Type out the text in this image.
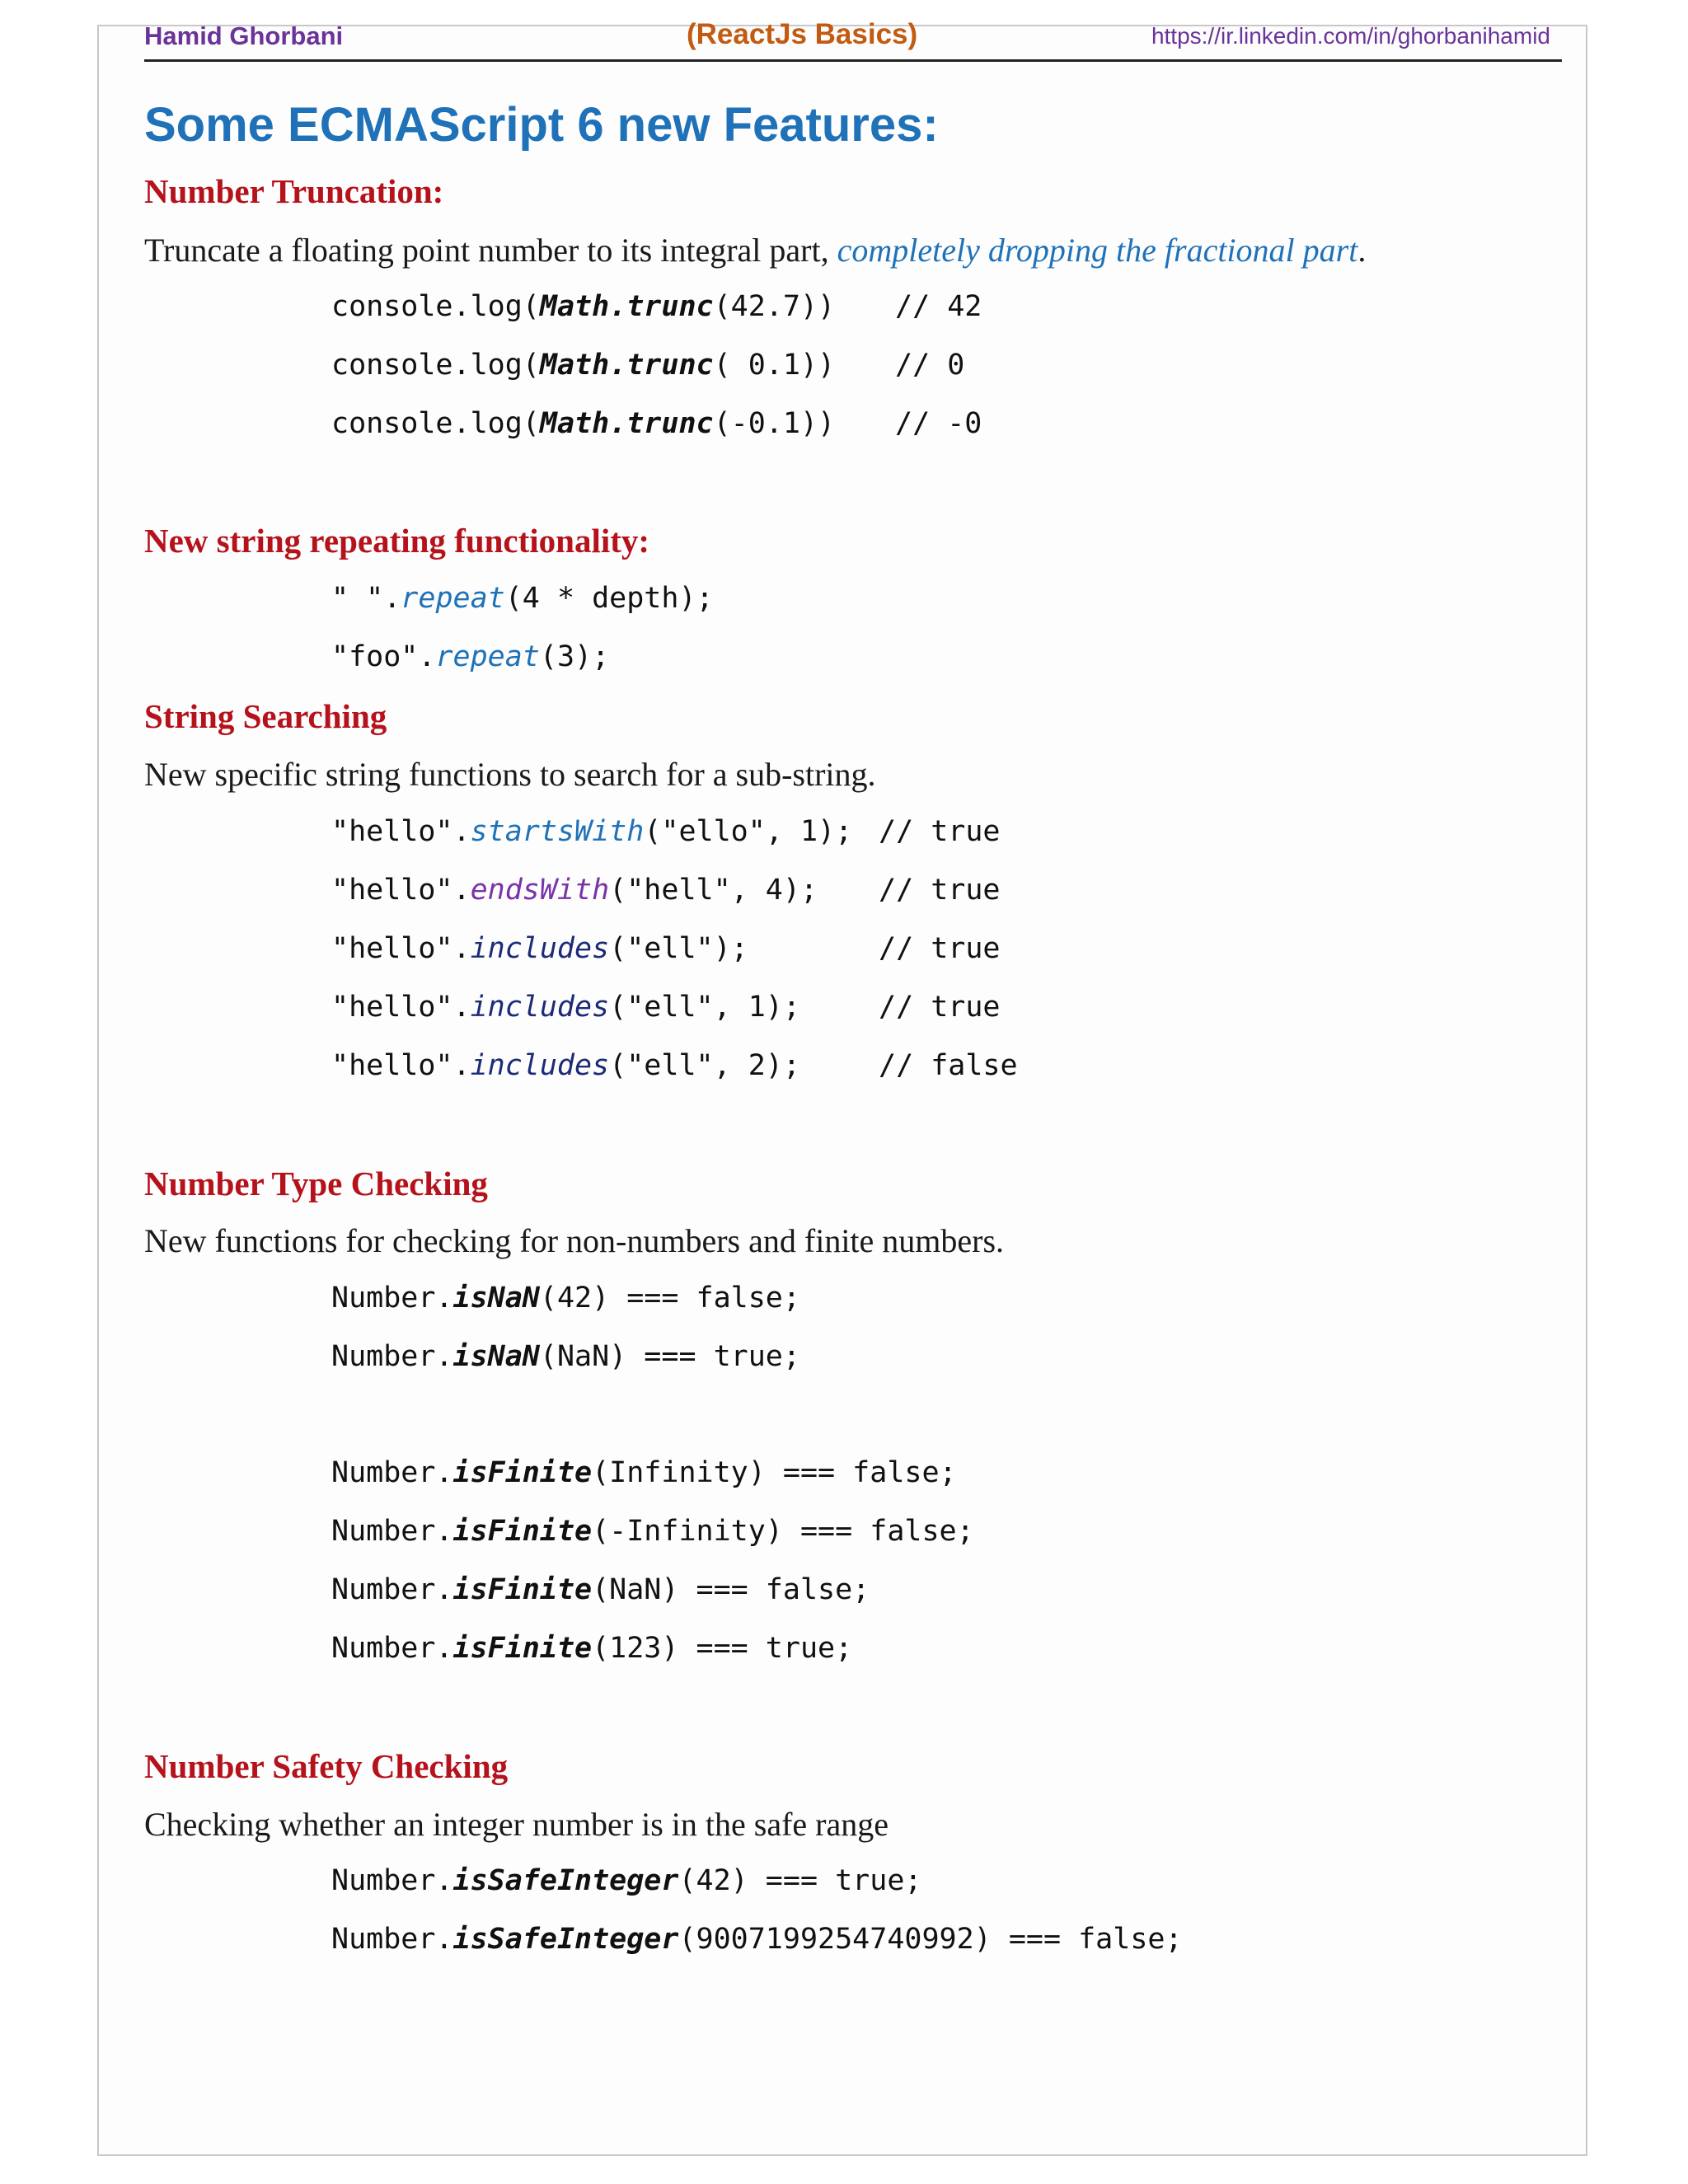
Hamid Ghorbani	(ReactJs Basics)	https://ir.linkedin.com/in/ghorbanihamid
Some ECMAScript 6 new Features:
Number Truncation:
Truncate a floating point number to its integral part, completely dropping the fractional part.
console.log(Math.trunc(42.7)) // 42
console.log(Math.trunc( 0.1)) // 0
console.log(Math.trunc(-0.1)) // -0
New string repeating functionality:
" ".repeat(4 * depth);
"foo".repeat(3);
String Searching
New specific string functions to search for a sub-string.
"hello".startsWith("ello", 1); // true
"hello".endsWith("hell", 4); // true
"hello".includes("ell");	// true
"hello".includes("ell", 1);	// true
"hello".includes("ell", 2);	// false
Number Type Checking
New functions for checking for non-numbers and finite numbers.
Number.isNaN(42) === false;
Number.isNaN(NaN) === true;
Number.isFinite(Infinity) === false;
Number.isFinite(-Infinity) === false;
Number.isFinite(NaN) === false;
Number.isFinite(123) === true;
Number Safety Checking
Checking whether an integer number is in the safe range
Number.isSafeInteger(42) === true;
Number.isSafeInteger(9007199254740992) === false;
